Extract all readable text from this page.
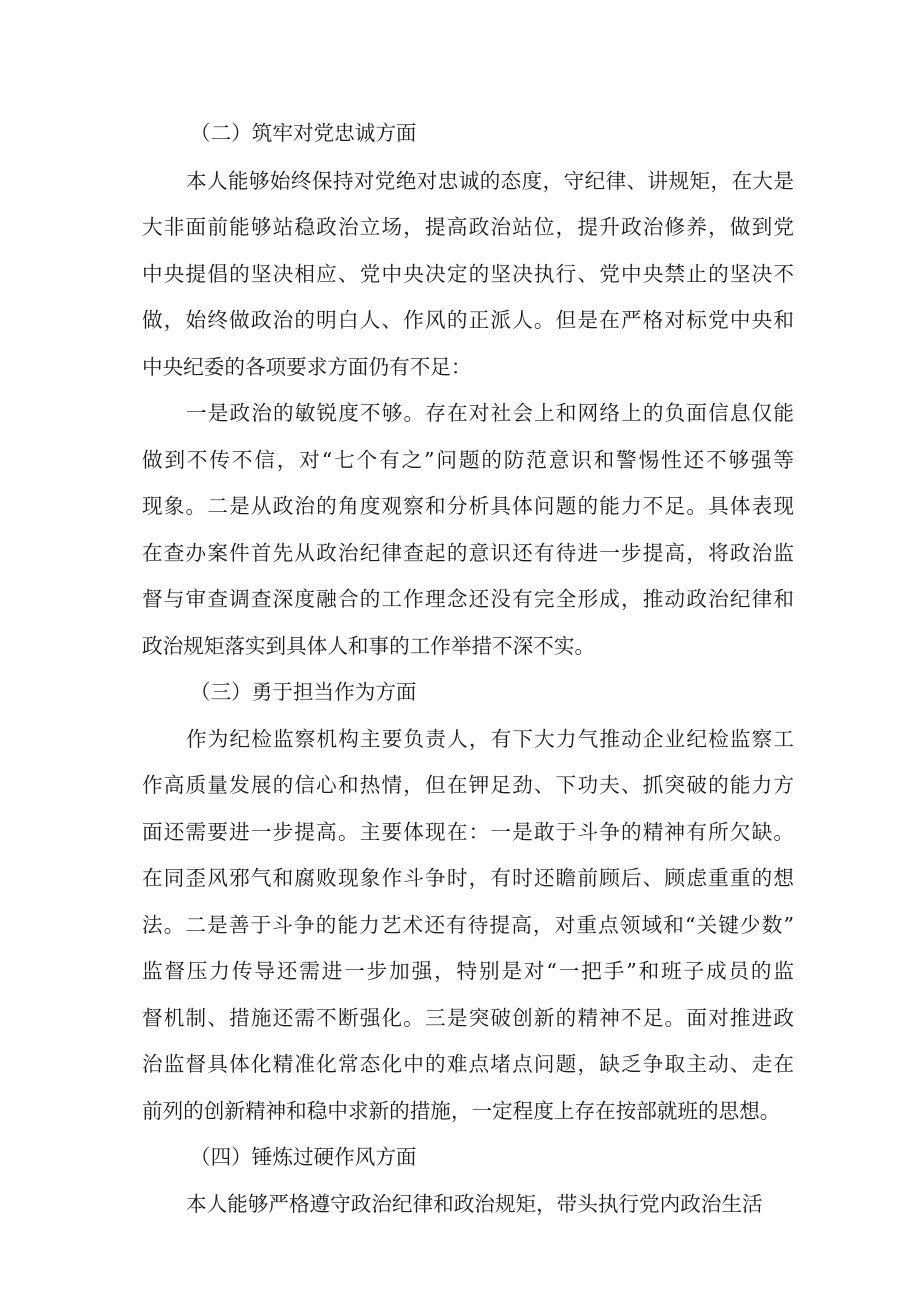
（二）筑牢对党忠诚方面
本人能够始终保持对党绝对忠诚的态度，守纪律、讲规矩，在大是
大非面前能够站稳政治立场，提高政治站位，提升政治修养，做到党
中央提倡的坚决相应、党中央决定的坚决执行、党中央禁止的坚决不
做，始终做政治的明白人、作风的正派人。但是在严格对标党中央和
中央纪委的各项要求方面仍有不足：
一是政治的敏锐度不够。存在对社会上和网络上的负面信息仅能
做到不传不信，对“七个有之”问题的防范意识和警惕性还不够强等
现象。二是从政治的角度观察和分析具体问题的能力不足。具体表现
在查办案件首先从政治纪律查起的意识还有待进一步提高，将政治监
督与审查调查深度融合的工作理念还没有完全形成，推动政治纪律和
政治规矩落实到具体人和事的工作举措不深不实。
（三）勇于担当作为方面
作为纪检监察机构主要负责人，有下大力气推动企业纪检监察工
作高质量发展的信心和热情，但在钾足劲、下功夫、抓突破的能力方
面还需要进一步提高。主要体现在：一是敢于斗争的精神有所欠缺。
在同歪风邪气和腐败现象作斗争时，有时还瞻前顾后、顾虑重重的想
法。二是善于斗争的能力艺术还有待提高，对重点领域和“关键少数”
监督压力传导还需进一步加强，特别是对“一把手”和班子成员的监
督机制、措施还需不断强化。三是突破创新的精神不足。面对推进政
治监督具体化精准化常态化中的难点堵点问题，缺乏争取主动、走在
前列的创新精神和稳中求新的措施，一定程度上存在按部就班的思想。
（四）锤炼过硬作风方面
本人能够严格遵守政治纪律和政治规矩，带头执行党内政治生活
